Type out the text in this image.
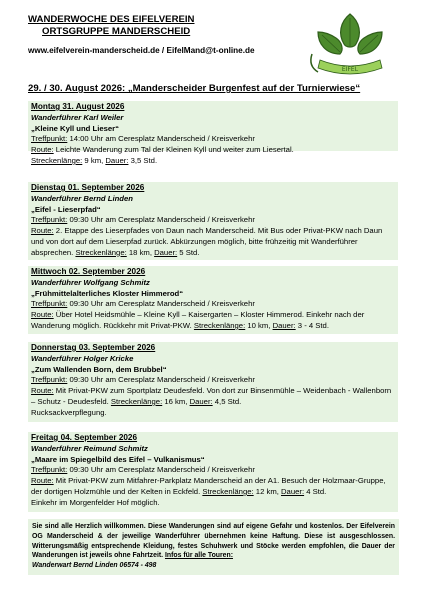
WANDERWOCHE DES EIFELVEREIN
ORTSGRUPPE MANDERSCHEID
www.eifelverein-manderscheid.de / EifelMand@t-online.de
EIFEL
29. / 30. August 2026: „Manderscheider Burgenfest auf der Turnierwiese“
Montag 31. August 2026
Wanderführer Karl Weiler
„Kleine Kyll und Lieser“
Treffpunkt: 14:00 Uhr am Ceresplatz Manderscheid / Kreisverkehr
Route: Leichte Wanderung zum Tal der Kleinen Kyll und weiter zum Liesertal.
Streckenlänge: 9 km, Dauer: 3,5 Std.
Dienstag 01. September 2026
Wanderführer Bernd Linden
„Eifel - Lieserpfad“
Treffpunkt: 09:30 Uhr am Ceresplatz Manderscheid / Kreisverkehr
Route: 2. Etappe des Lieserpfades von Daun nach Manderscheid. Mit Bus oder Privat-PKW nach Daun und von dort auf dem Lieserpfad zurück. Abkürzungen möglich, bitte frühzeitig mit Wanderführer absprechen. Streckenlänge: 18 km, Dauer: 5 Std.
Mittwoch 02. September 2026
Wanderführer Wolfgang Schmitz
„Frühmittelalterliches Kloster Himmerod“
Treffpunkt: 09:30 Uhr am Ceresplatz Manderscheid / Kreisverkehr
Route: Über Hotel Heidsmühle – Kleine Kyll – Kaisergarten – Kloster Himmerod. Einkehr nach der Wanderung möglich. Rückkehr mit Privat-PKW. Streckenlänge: 10 km, Dauer: 3 - 4 Std.
Donnerstag 03. September 2026
Wanderführer Holger Kricke
„Zum Wallenden Born, dem Brubbel“
Treffpunkt: 09:30 Uhr am Ceresplatz Manderscheid / Kreisverkehr
Route: Mit Privat-PKW zum Sportplatz Deudesfeld. Von dort zur Binsenmühle – Weidenbach - Wallenborn – Schutz - Deudesfeld. Streckenlänge: 16 km, Dauer: 4,5 Std.
Rucksackverpflegung.
Freitag 04. September 2026
Wanderführer Reimund Schmitz
„Maare im Spiegelbild des Eifel – Vulkanismus“
Treffpunkt: 09:30 Uhr am Ceresplatz Manderscheid / Kreisverkehr
Route: Mit Privat-PKW zum Mitfahrer-Parkplatz Manderscheid an der A1. Besuch der Holzmaar-Gruppe, der dortigen Holzmühle und der Kelten in Eckfeld. Streckenlänge: 12 km, Dauer: 4 Std.
Einkehr im Morgenfelder Hof möglich.
Sie sind alle Herzlich willkommen. Diese Wanderungen sind auf eigene Gefahr und kostenlos. Der Eifelverein OG Manderscheid & der jeweilige Wanderführer übernehmen keine Haftung. Diese ist ausgeschlossen. Witterungsmäßig entsprechende Kleidung, festes Schuhwerk und Stöcke werden empfohlen, die Dauer der Wanderungen ist jeweils ohne Fahrtzeit. Infos für alle Touren:
Wanderwart Bernd Linden 06574 - 498
